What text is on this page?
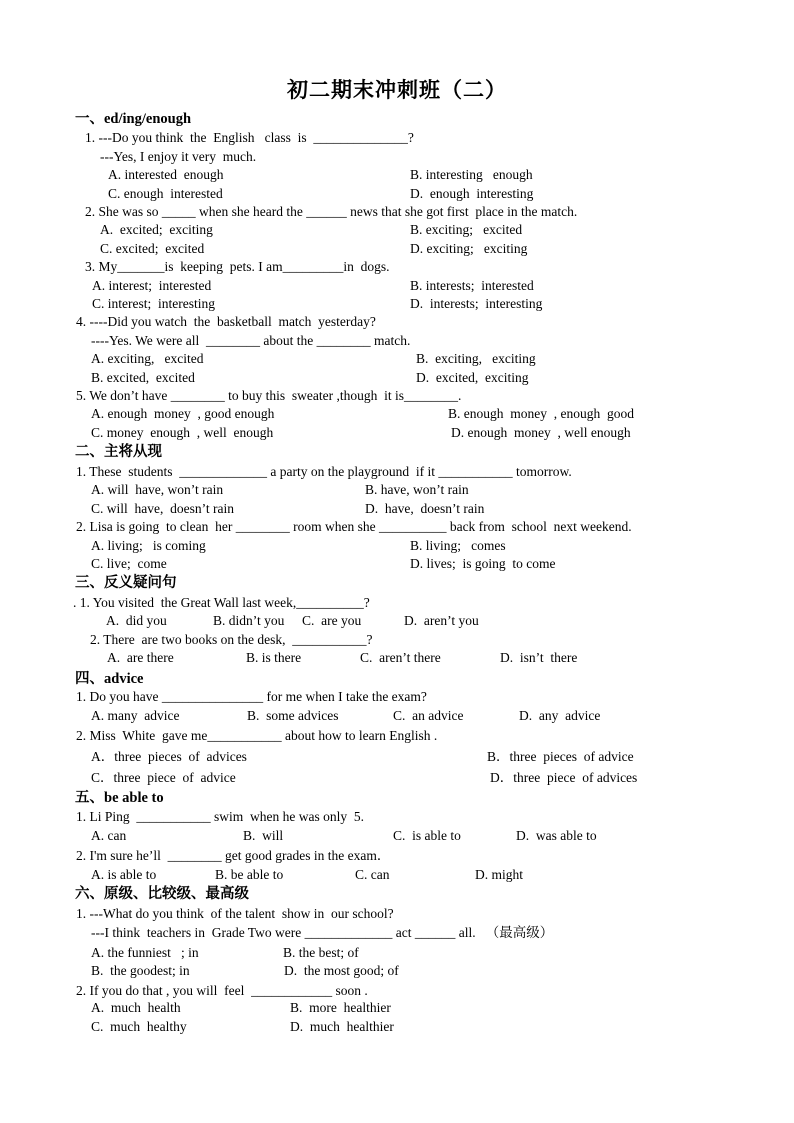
初二期末冲刺班（二）
一、ed/ing/enough
1. ---Do you think  the  English   class  is  ______________?
---Yes, I enjoy it very  much.
A. interested  enough	B. interesting   enough
C. enough  interested	D.  enough  interesting
2. She was so _____ when she heard the ______ news that she got first  place in the match.
A.  excited;  exciting	B. exciting;   excited
C. excited;  excited	D. exciting;   exciting
3. My_______is  keeping  pets. I am_________in  dogs.
A. interest;  interested	B. interests;  interested
C. interest;  interesting	D.  interests;  interesting
4. ----Did you watch  the  basketball  match  yesterday?
----Yes. We were all  ________ about the ________ match.
A. exciting,   excited	B.  exciting,   exciting
B. excited,  excited	D.  excited,  exciting
5. We don’t have ________ to buy this  sweater ,though  it is________.
A. enough  money  , good enough	B. enough  money  , enough  good
C. money  enough  , well  enough	D. enough  money  , well enough
二、主将从现
1. These  students  _____________ a party on the playground  if it ___________ tomorrow.
A. will  have, won’t rain	B. have, won’t rain
C. will  have,  doesn’t rain	D.  have,  doesn’t rain
2. Lisa is going  to clean  her ________ room when she __________ back from  school  next weekend.
A. living;   is coming	B. living;   comes
C. live;  come	D. lives;  is going  to come
三、反义疑问句
. 1. You visited  the Great Wall last week,__________?
A.  did you	B. didn’t you C.  are you	D.  aren’t you
2. There  are two books on the desk,  ___________?
A.  are there	B. is there	C.  aren’t there	D.  isn’t  there
四、advice
1. Do you have _______________ for me when I take the exam?
A. many  advice	B.  some advices	C.  an advice	D.  any  advice
2. Miss  White  gave me___________ about how to learn English .
A．three  pieces  of  advices	B．three  pieces  of advice
C．three  piece  of  advice	D．three  piece  of advices
五、be able to
1. Li Ping  ___________ swim  when he was only  5.
A. can	B.  will	C.  is able to	D.  was able to
2. I'm sure he’ll  ________ get good grades in the exam．
A. is able to	B. be able to	C. can	D. might
六、原级、比较级、最高级
1. ---What do you think  of the talent  show in  our school?
---I think  teachers in  Grade Two were _____________ act ______ all.   （最高级）
A. the funniest   ; in	B. the best; of
B.  the goodest; in	D.  the most good; of
2. If you do that , you will  feel  ____________ soon .
A.  much  health	B.  more  healthier
C.  much  healthy	D.  much  healthier
